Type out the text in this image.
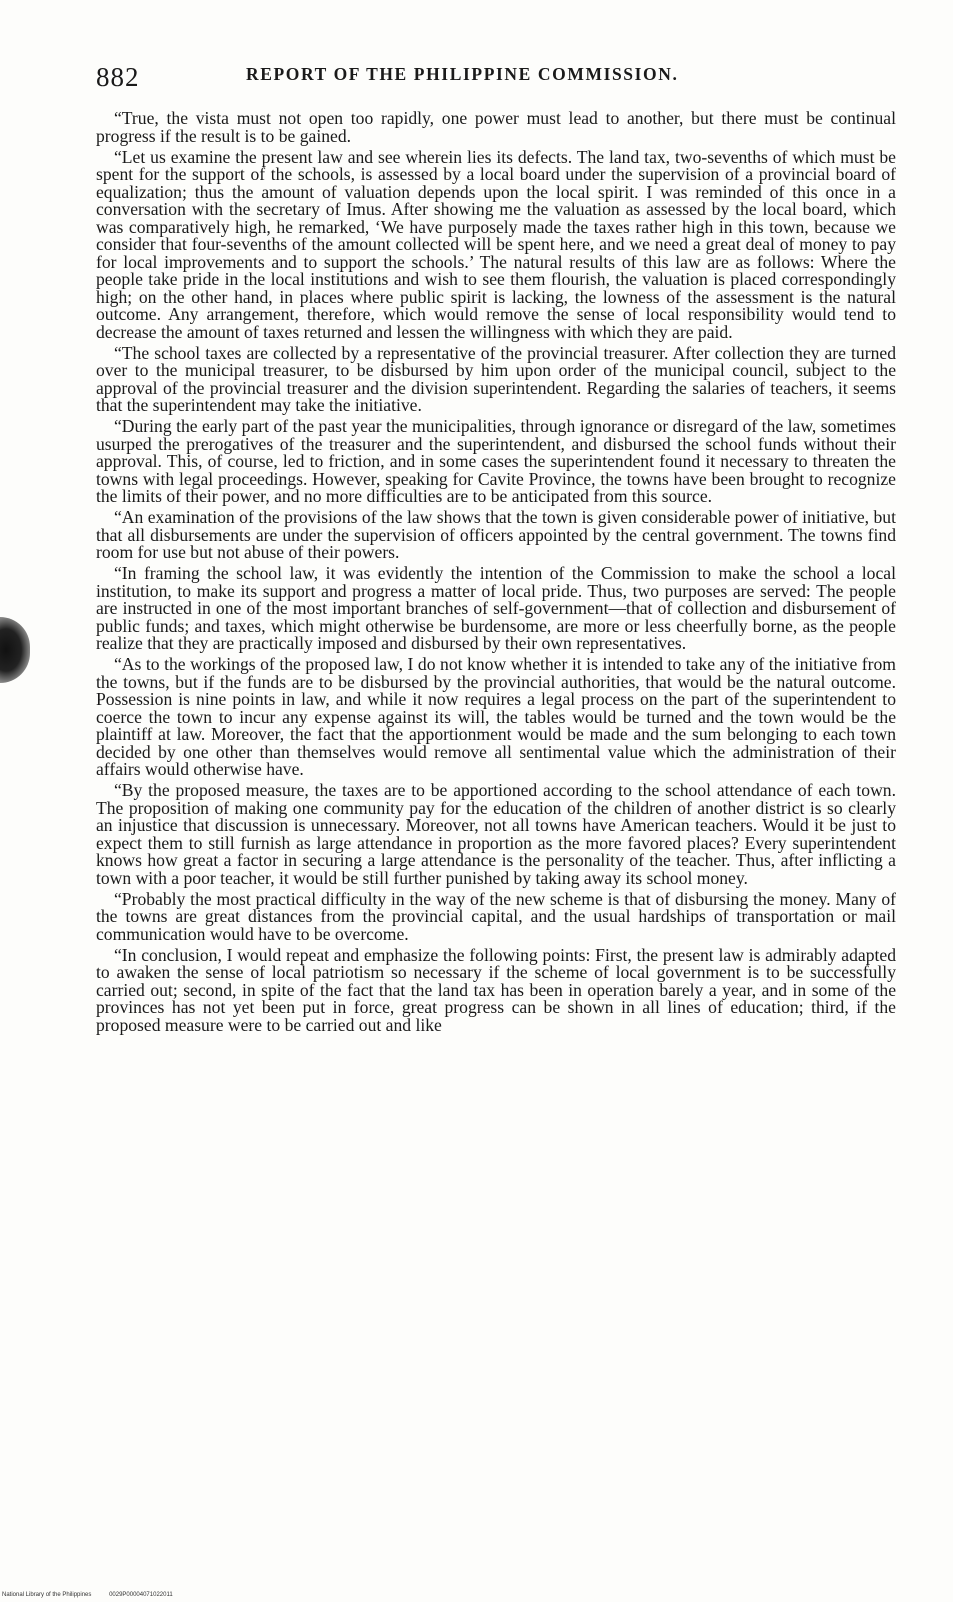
882	REPORT OF THE PHILIPPINE COMMISSION.

“True, the vista must not open too rapidly, one power must lead to another, but there must be continual progress if the result is to be gained.

“Let us examine the present law and see wherein lies its defects. The land tax, two-sevenths of which must be spent for the support of the schools, is assessed by a local board under the supervision of a provincial board of equalization; thus the amount of valuation depends upon the local spirit. I was reminded of this once in a conversation with the secretary of Imus. After showing me the valuation as assessed by the local board, which was comparatively high, he remarked, ‘We have purposely made the taxes rather high in this town, because we consider that four-sevenths of the amount collected will be spent here, and we need a great deal of money to pay for local improvements and to support the schools.’ The natural results of this law are as follows: Where the people take pride in the local institutions and wish to see them flourish, the valuation is placed correspondingly high; on the other hand, in places where public spirit is lacking, the lowness of the assessment is the natural outcome. Any arrangement, therefore, which would remove the sense of local responsibility would tend to decrease the amount of taxes returned and lessen the willingness with which they are paid.

“The school taxes are collected by a representative of the provincial treasurer. After collection they are turned over to the municipal treasurer, to be disbursed by him upon order of the municipal council, subject to the approval of the provincial treasurer and the division superintendent. Regarding the salaries of teachers, it seems that the superintendent may take the initiative.

“During the early part of the past year the municipalities, through ignorance or disregard of the law, sometimes usurped the prerogatives of the treasurer and the superintendent, and disbursed the school funds without their approval. This, of course, led to friction, and in some cases the superintendent found it necessary to threaten the towns with legal proceedings. However, speaking for Cavite Province, the towns have been brought to recognize the limits of their power, and no more difficulties are to be anticipated from this source.

“An examination of the provisions of the law shows that the town is given considerable power of initiative, but that all disbursements are under the supervision of officers appointed by the central government. The towns find room for use but not abuse of their powers.

“In framing the school law, it was evidently the intention of the Commission to make the school a local institution, to make its support and progress a matter of local pride. Thus, two purposes are served: The people are instructed in one of the most important branches of self-government—that of collection and disbursement of public funds; and taxes, which might otherwise be burdensome, are more or less cheerfully borne, as the people realize that they are practically imposed and disbursed by their own representatives.

“As to the workings of the proposed law, I do not know whether it is intended to take any of the initiative from the towns, but if the funds are to be disbursed by the provincial authorities, that would be the natural outcome. Possession is nine points in law, and while it now requires a legal process on the part of the superintendent to coerce the town to incur any expense against its will, the tables would be turned and the town would be the plaintiff at law. Moreover, the fact that the apportionment would be made and the sum belonging to each town decided by one other than themselves would remove all sentimental value which the administration of their affairs would otherwise have.

“By the proposed measure, the taxes are to be apportioned according to the school attendance of each town. The proposition of making one community pay for the education of the children of another district is so clearly an injustice that discussion is unnecessary. Moreover, not all towns have American teachers. Would it be just to expect them to still furnish as large attendance in proportion as the more favored places? Every superintendent knows how great a factor in securing a large attendance is the personality of the teacher. Thus, after inflicting a town with a poor teacher, it would be still further punished by taking away its school money.

“Probably the most practical difficulty in the way of the new scheme is that of disbursing the money. Many of the towns are great distances from the provincial capital, and the usual hardships of transportation or mail communication would have to be overcome.

“In conclusion, I would repeat and emphasize the following points: First, the present law is admirably adapted to awaken the sense of local patriotism so necessary if the scheme of local government is to be successfully carried out; second, in spite of the fact that the land tax has been in operation barely a year, and in some of the provinces has not yet been put in force, great progress can be shown in all lines of education; third, if the proposed measure were to be carried out and like

National Library of the Philippines	0029P00004071022011
